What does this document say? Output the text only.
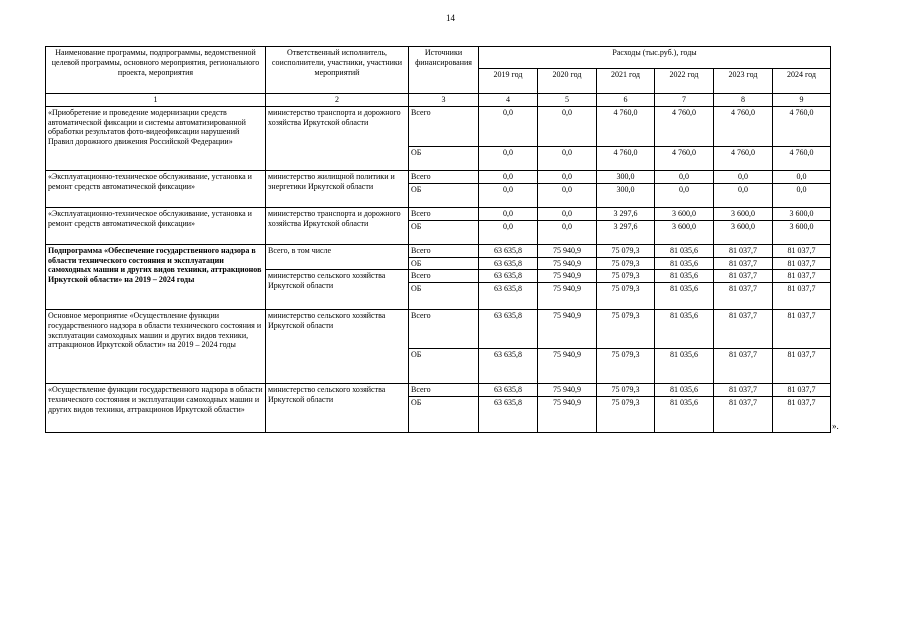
14
Наименование программы, подпрограммы, ведомственной целевой программы, основного мероприятия, регионального проекта, мероприятия	Ответственный исполнитель, соисполнители, участники, участники мероприятий	Источники финансирования	Расходы (тыс.руб.), годы					
			2019 год	2020 год	2021 год	2022 год	2023 год	2024 год
1	2	3	4	5	6	7	8	9
«Приобретение и проведение модернизации средств автоматической фиксации и системы автоматизированной обработки результатов фото-видеофиксации нарушений Правил дорожного движения Российской Федерации»	министерство транспорта и дорожного хозяйства Иркутской области	Всего	0,0	0,0	4 760,0	4 760,0	4 760,0	4 760,0
		ОБ	0,0	0,0	4 760,0	4 760,0	4 760,0	4 760,0
«Эксплуатационно-техническое обслуживание, установка и ремонт средств автоматической фиксации»	министерство жилищной политики и энергетики Иркутской области	Всего	0,0	0,0	300,0	0,0	0,0	0,0
		ОБ	0,0	0,0	300,0	0,0	0,0	0,0
«Эксплуатационно-техническое обслуживание, установка и ремонт средств автоматической фиксации»	министерство транспорта и дорожного хозяйства Иркутской области	Всего	0,0	0,0	3 297,6	3 600,0	3 600,0	3 600,0
		ОБ	0,0	0,0	3 297,6	3 600,0	3 600,0	3 600,0
Подпрограмма «Обеспечение государственного надзора в области технического состояния и эксплуатации самоходных машин и других видов техники, аттракционов Иркутской области» на 2019 – 2024 годы	Всего, в том числе	Всего	63 635,8	75 940,9	75 079,3	81 035,6	81 037,7	81 037,7
		ОБ	63 635,8	75 940,9	75 079,3	81 035,6	81 037,7	81 037,7
	министерство сельского хозяйства Иркутской области	Всего	63 635,8	75 940,9	75 079,3	81 035,6	81 037,7	81 037,7
		ОБ	63 635,8	75 940,9	75 079,3	81 035,6	81 037,7	81 037,7
Основное мероприятие «Осуществление функции государственного надзора в области технического состояния и эксплуатации самоходных машин и других видов техники, аттракционов Иркутской области» на 2019 – 2024 годы	министерство сельского хозяйства Иркутской области	Всего	63 635,8	75 940,9	75 079,3	81 035,6	81 037,7	81 037,7
		ОБ	63 635,8	75 940,9	75 079,3	81 035,6	81 037,7	81 037,7
«Осуществление функции государственного надзора в области технического состояния и эксплуатации самоходных машин и других видов техники, аттракционов Иркутской области»	министерство сельского хозяйства Иркутской области	Всего	63 635,8	75 940,9	75 079,3	81 035,6	81 037,7	81 037,7
		ОБ	63 635,8	75 940,9	75 079,3	81 035,6	81 037,7	81 037,7
».
